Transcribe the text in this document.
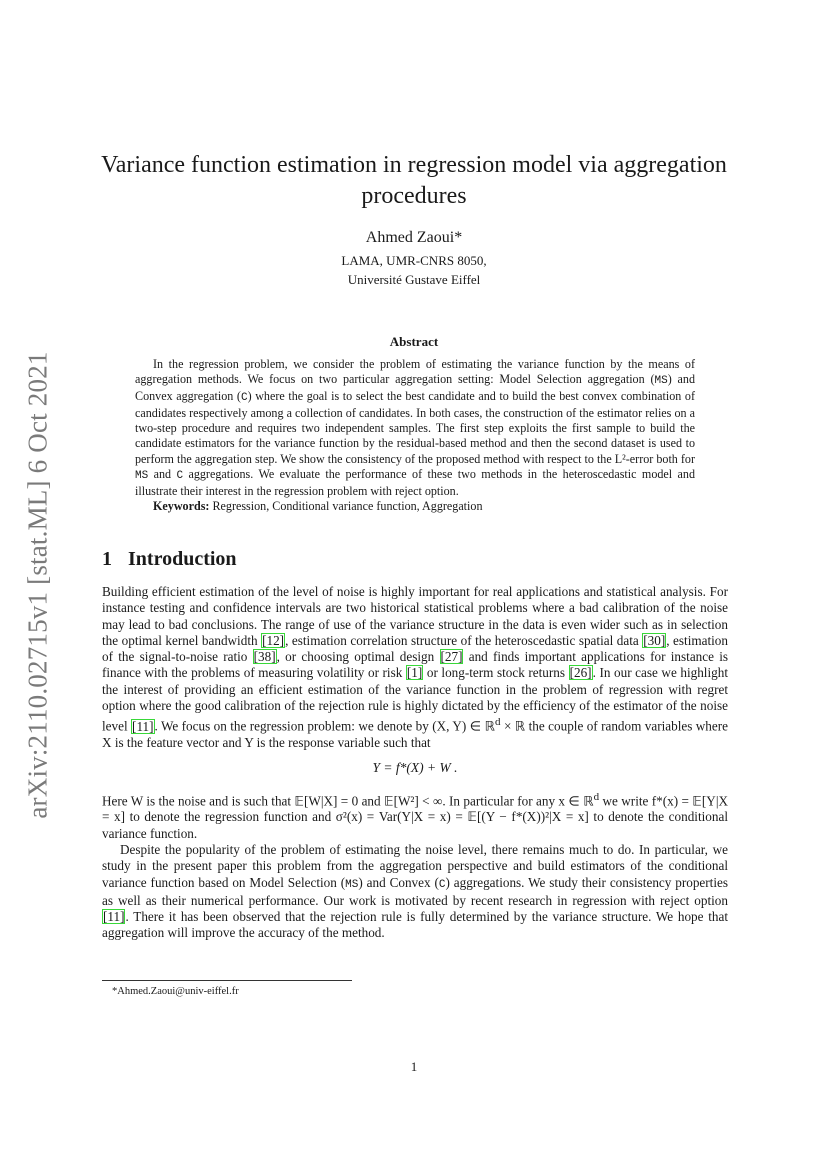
arXiv:2110.02715v1 [stat.ML] 6 Oct 2021
Variance function estimation in regression model via aggregation procedures
Ahmed Zaoui*
LAMA, UMR-CNRS 8050,
Université Gustave Eiffel
Abstract

In the regression problem, we consider the problem of estimating the variance function by the means of aggregation methods. We focus on two particular aggregation setting: Model Selection aggregation (MS) and Convex aggregation (C) where the goal is to select the best candidate and to build the best convex combination of candidates respectively among a collection of candidates. In both cases, the construction of the estimator relies on a two-step procedure and requires two independent samples. The first step exploits the first sample to build the candidate estimators for the variance function by the residual-based method and then the second dataset is used to perform the aggregation step. We show the consistency of the proposed method with respect to the L²-error both for MS and C aggregations. We evaluate the performance of these two methods in the heteroscedastic model and illustrate their interest in the regression problem with reject option.

Keywords: Regression, Conditional variance function, Aggregation

1 Introduction

Building efficient estimation of the level of noise is highly important for real applications and statistical analysis. For instance testing and confidence intervals are two historical statistical problems where a bad calibration of the noise may lead to bad conclusions. The range of use of the variance structure in the data is even wider such as in selection the optimal kernel bandwidth [12], estimation correlation structure of the heteroscedastic spatial data [30], estimation of the signal-to-noise ratio [38], or choosing optimal design [27] and finds important applications for instance is finance with the problems of measuring volatility or risk [1] or long-term stock returns [26]. In our case we highlight the interest of providing an efficient estimation of the variance function in the problem of regression with regret option where the good calibration of the rejection rule is highly dictated by the efficiency of the estimator of the noise level [11]. We focus on the regression problem: we denote by (X, Y) ∈ ℝ$^d$ × ℝ the couple of random variables where X is the feature vector and Y is the response variable such that

Y = f*(X) + W .

Here W is the noise and is such that 𝔼[W|X] = 0 and 𝔼[W²] < ∞. In particular for any x ∈ ℝ$^d$ we write f*(x) = 𝔼[Y|X = x] to denote the regression function and σ²(x) = Var(Y|X = x) = 𝔼[(Y − f*(X))²|X = x] to denote the conditional variance function.

Despite the popularity of the problem of estimating the noise level, there remains much to do. In particular, we study in the present paper this problem from the aggregation perspective and build estimators of the conditional variance function based on Model Selection (MS) and Convex (C) aggregations. We study their consistency properties as well as their numerical performance. Our work is motivated by recent research in regression with reject option [11]. There it has been observed that the rejection rule is fully determined by the variance structure. We hope that aggregation will improve the accuracy of the method.

*Ahmed.Zaoui@univ-eiffel.fr
1
